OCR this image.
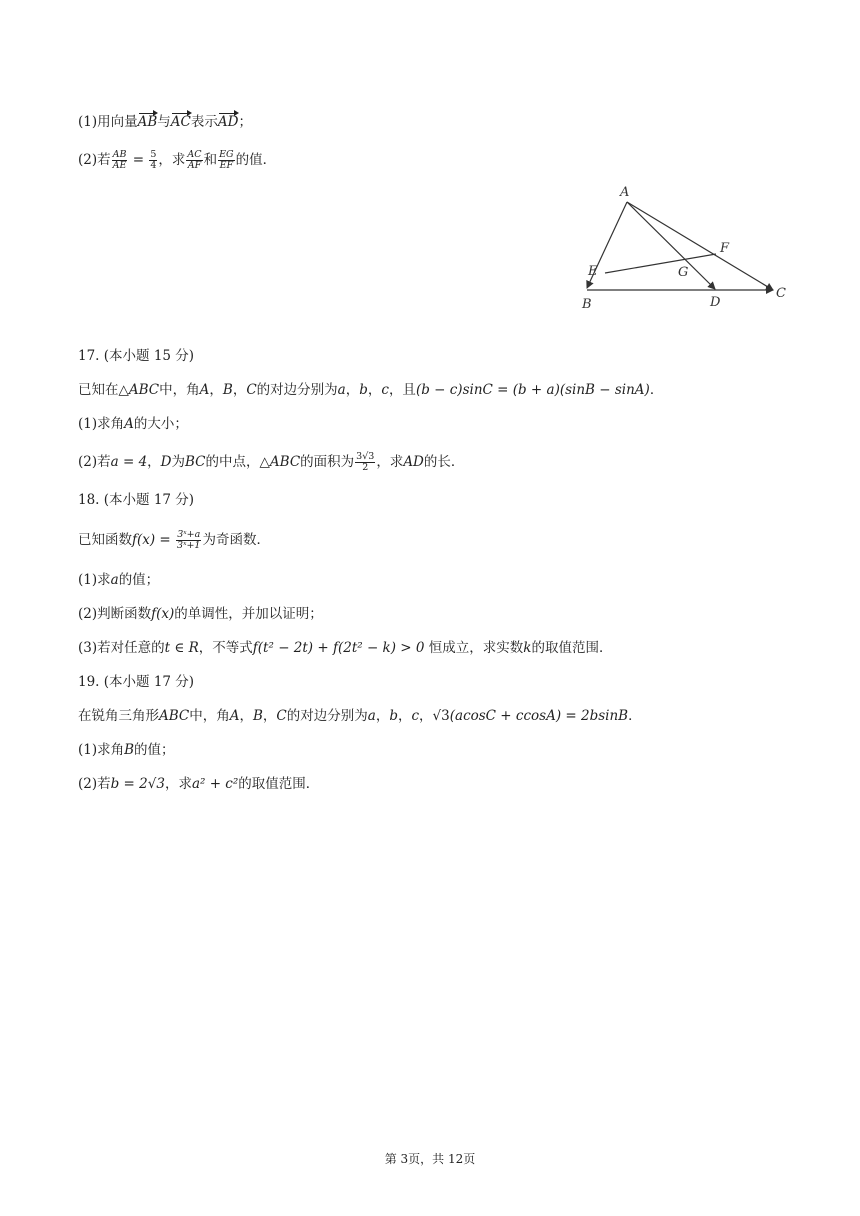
(1)用向量AB与AC表示AD；
(2)若 $\frac{AB}{AE} = \frac{5}{4}$ ，求 $\frac{AC}{AF}$ 和 $\frac{EG}{EF}$ 的值．
A
B
C
D
E
F
G
17. (本小题 15 分)
已知在△ABC中，角A，B，C的对边分别为a，b，c，且(b − c)sinC = (b + a)(sinB − sinA)．
(1)求角A的大小；
(2)若a = 4，D为BC的中点，△ABC的面积为 $\frac{3√3}{2}$ ，求AD的长．
18. (本小题 17 分)
已知函数$f(x) = \frac{\text{3ˣ+a}}{\text{3ˣ+1}}$ 为奇函数．
(1)求a的值；
(2)判断函数f(x)的单调性，并加以证明；
(3)若对任意的t ∈ R，不等式f(t² − 2t) + f(2t² − k) > 0 恒成立，求实数k的取值范围．
19. (本小题 17 分)
在锐角三角形ABC中，角A，B，C的对边分别为a，b，c，√3(acosC + ccosA) = 2bsinB．
(1)求角B的值；
(2)若b = 2√3，求a² + c²的取值范围．
第 3页，共 12页
